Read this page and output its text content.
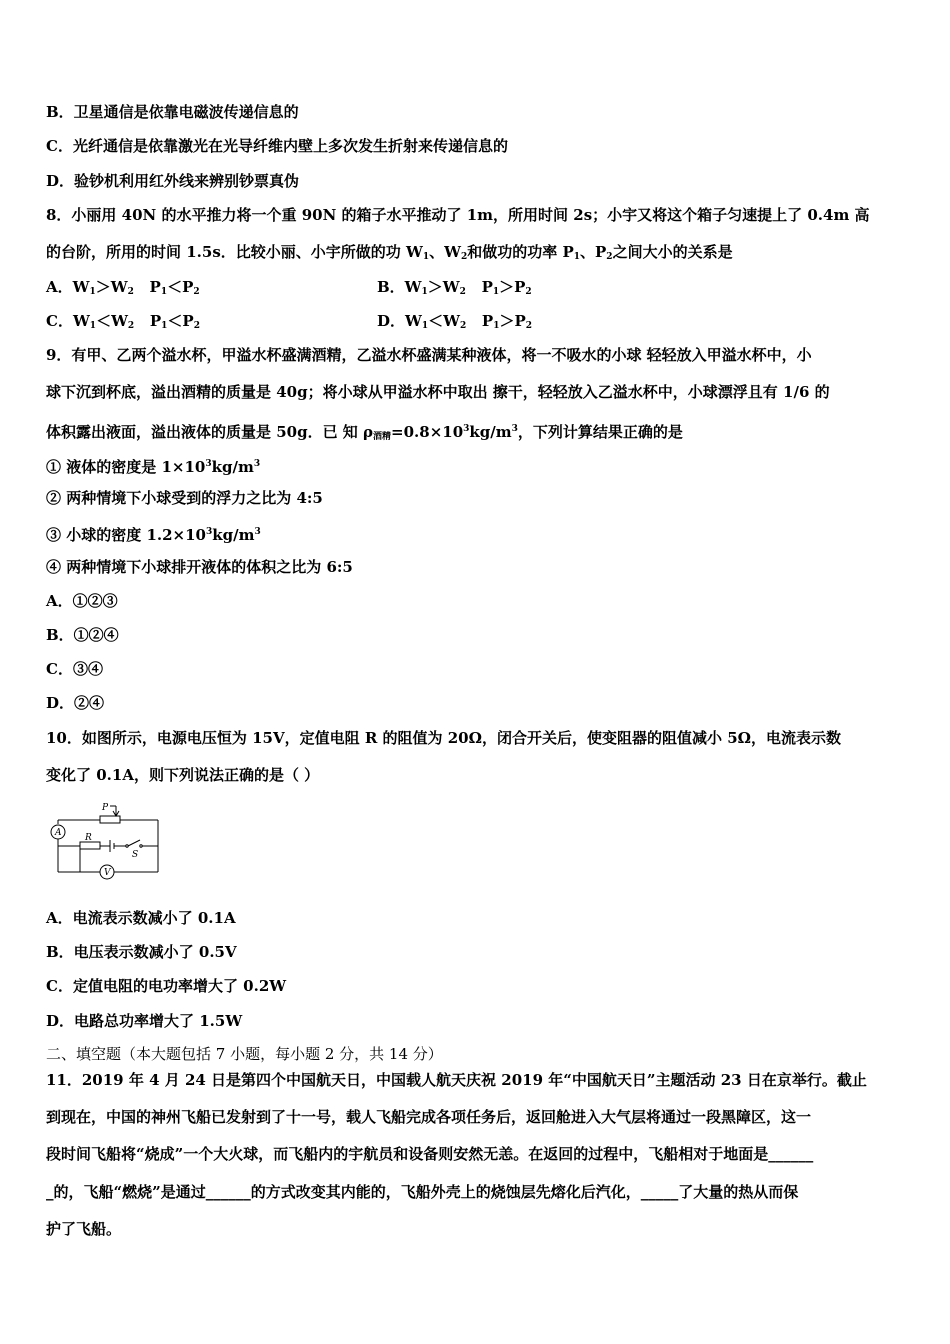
B．卫星通信是依靠电磁波传递信息的
C．光纤通信是依靠激光在光导纤维内壁上多次发生折射来传递信息的
D．验钞机利用红外线来辨别钞票真伪
8．小丽用 40N 的水平推力将一个重 90N 的箱子水平推动了 1m，所用时间 2s；小宇又将这个箱子匀速提上了 0.4m 高
的台阶，所用的时间 1.5s．比较小丽、小宇所做的功 $W_1$、$W_2$和做功的功率 $P_1$、$P_2$之间大小的关系是
A．$W_1>W_2$ $P_1<P_2$	B．$W_1>W_2$ $P_1>P_2$
C．$W_1<W_2$ $P_1<P_2$	D．$W_1<W_2$ $P_1>P_2$
9．有甲、乙两个溢水杯，甲溢水杯盛满酒精，乙溢水杯盛满某种液体，将一不吸水的小球 轻轻放入甲溢水杯中，小
球下沉到杯底，溢出酒精的质量是 40g；将小球从甲溢水杯中取出 擦干，轻轻放入乙溢水杯中，小球漂浮且有 1/6 的
体积露出液面，溢出液体的质量是 50g．已 知 $\rho_{酒精}=0.8\times 10^3kg/m^3$，下列计算结果正确的是
① 液体的密度是 $1\times 10^3kg/m^3$
② 两种情境下小球受到的浮力之比为 4:5
③ 小球的密度 $1.2\times 10^3kg/m^3$
④ 两种情境下小球排开液体的体积之比为 6:5
A．①②③
B．①②④
C．③④
D．②④
10．如图所示，电源电压恒为 15V，定值电阻 R 的阻值为 20Ω，闭合开关后，使变阻器的阻值减小 5Ω，电流表示数
变化了 0.1A，则下列说法正确的是（ ）
P
A	R
S
V
A．电流表示数减小了 0.1A
B．电压表示数减小了 0.5V
C．定值电阻的电功率增大了 0.2W
D．电路总功率增大了 1.5W
二、填空题（本大题包括 7 小题，每小题 2 分，共 14 分）
11．2019 年 4 月 24 日是第四个中国航天日，中国载人航天庆祝 2019 年“中国航天日”主题活动 23 日在京举行。截止
到现在，中国的神州飞船已发射到了十一号，载人飞船完成各项任务后，返回舱进入大气层将通过一段黑障区，这一
段时间飞船将“烧成”一个大火球，而飞船内的宇航员和设备则安然无恙。在返回的过程中，飞船相对于地面是______
_的，飞船“燃烧”是通过______的方式改变其内能的，飞船外壳上的烧蚀层先熔化后汽化，_____了大量的热从而保
护了飞船。
